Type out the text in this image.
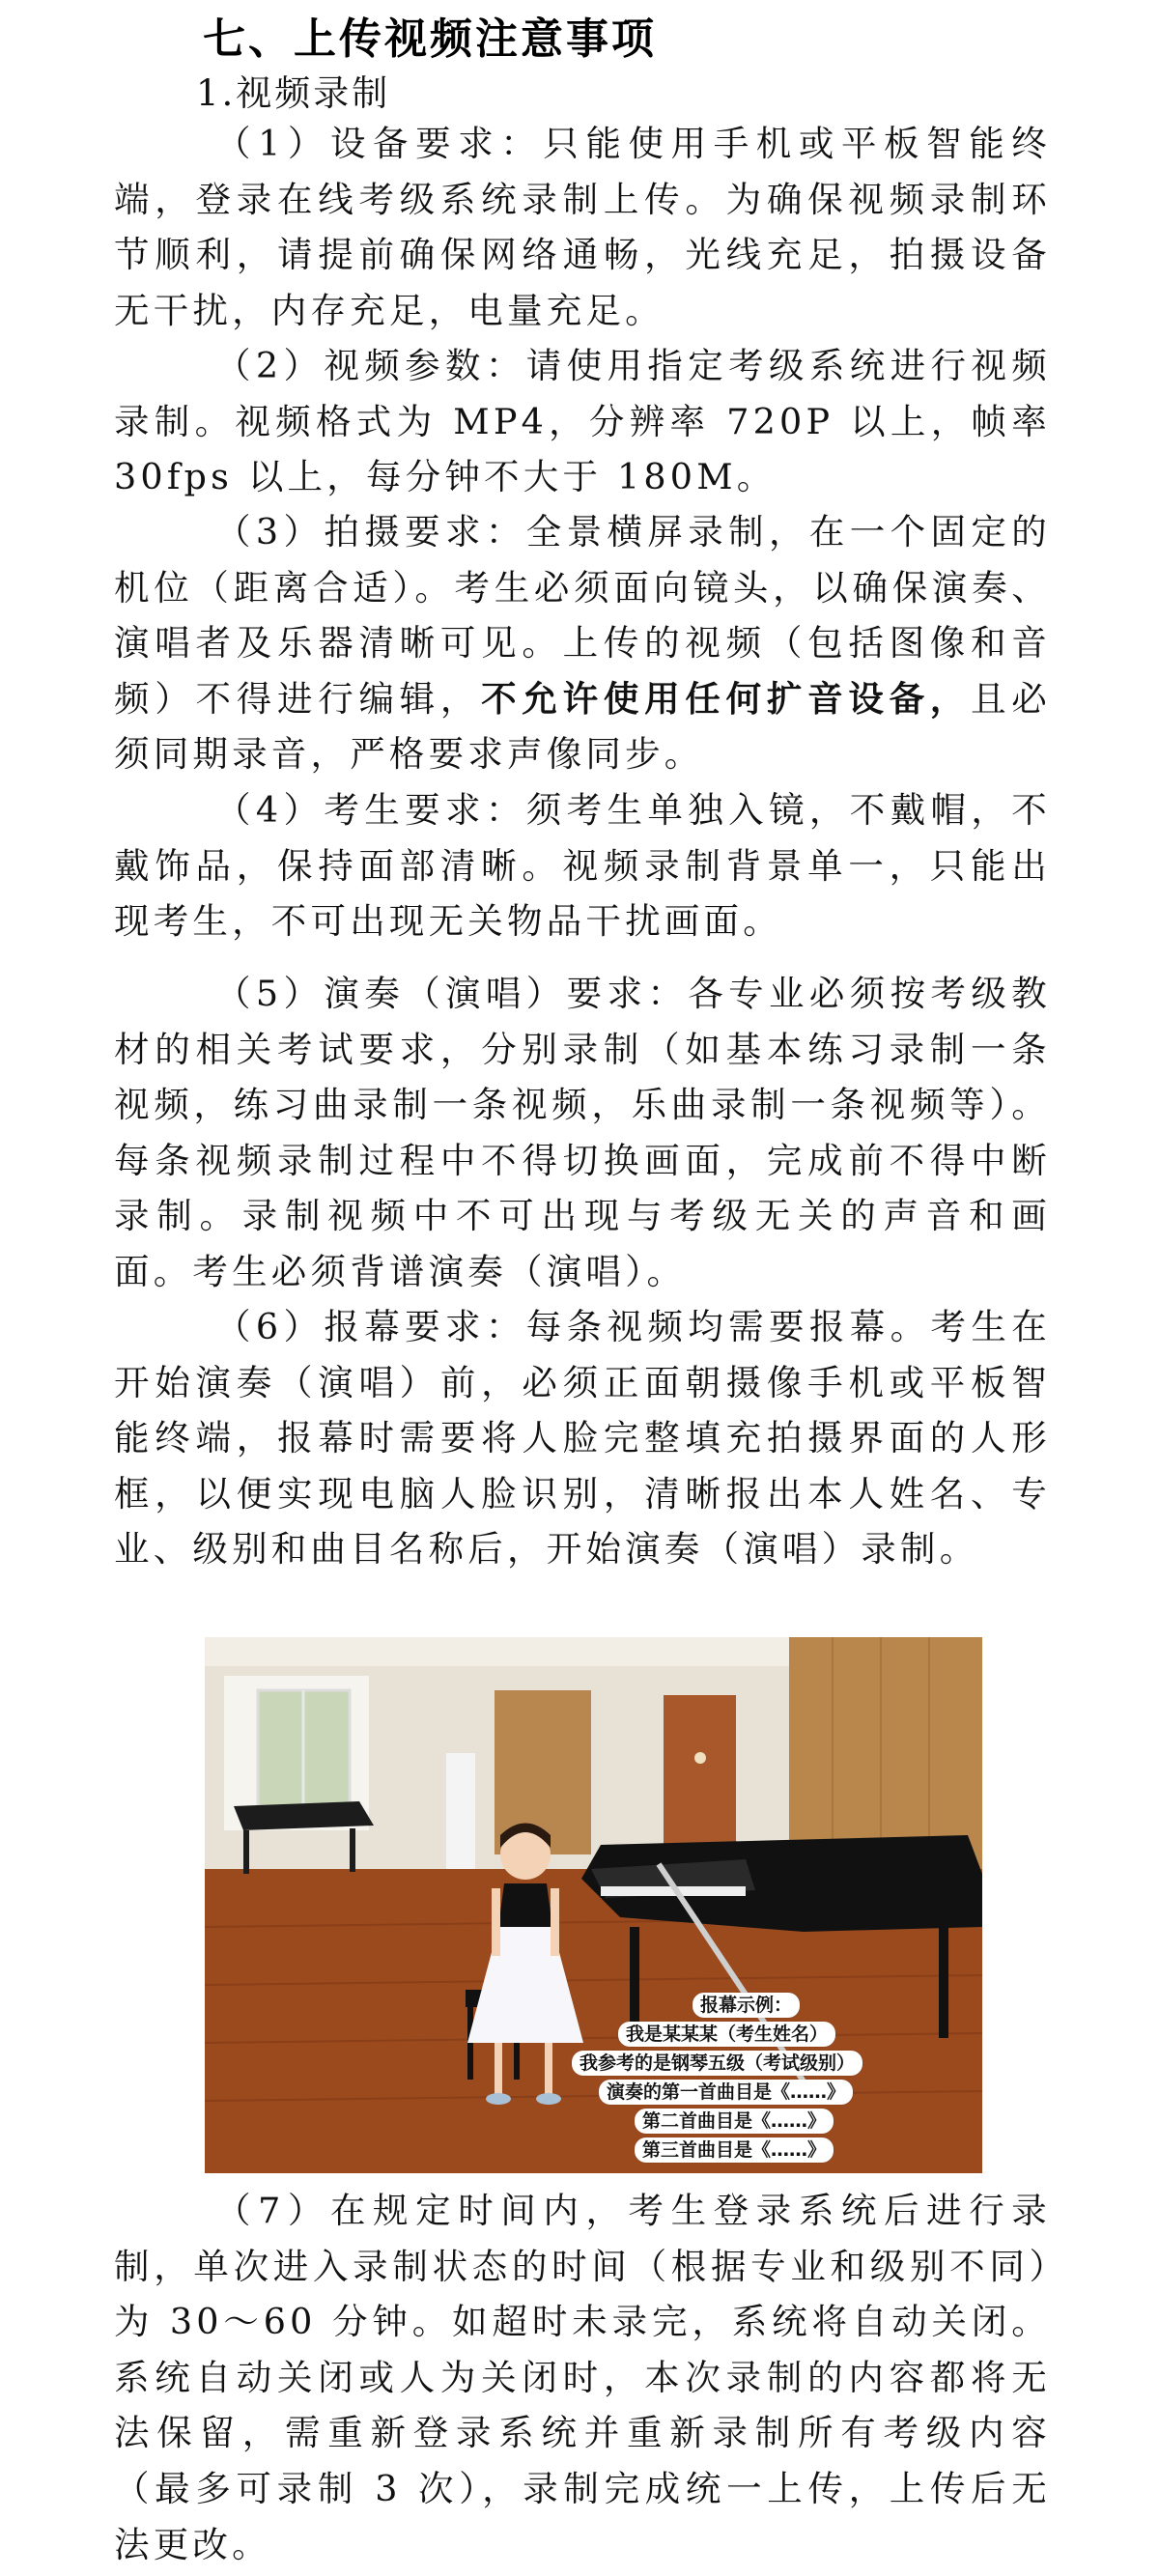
七、上传视频注意事项
1.视频录制

（1）设备要求：只能使用手机或平板智能终端，登录在线考级系统录制上传。为确保视频录制环节顺利，请提前确保网络通畅，光线充足，拍摄设备无干扰，内存充足，电量充足。

（2）视频参数：请使用指定考级系统进行视频录制。视频格式为 MP4，分辨率 720P 以上，帧率 30fps 以上，每分钟不大于 180M。

（3）拍摄要求：全景横屏录制，在一个固定的机位（距离合适）。考生必须面向镜头，以确保演奏、演唱者及乐器清晰可见。上传的视频（包括图像和音频）不得进行编辑，不允许使用任何扩音设备，且必须同期录音，严格要求声像同步。

（4）考生要求：须考生单独入镜，不戴帽，不戴饰品，保持面部清晰。视频录制背景单一，只能出现考生，不可出现无关物品干扰画面。

（5）演奏（演唱）要求：各专业必须按考级教材的相关考试要求，分别录制（如基本练习录制一条视频，练习曲录制一条视频，乐曲录制一条视频等）。每条视频录制过程中不得切换画面，完成前不得中断录制。录制视频中不可出现与考级无关的声音和画面。考生必须背谱演奏（演唱）。

（6）报幕要求：每条视频均需要报幕。考生在开始演奏（演唱）前，必须正面朝摄像手机或平板智能终端，报幕时需要将人脸完整填充拍摄界面的人形框，以便实现电脑人脸识别，清晰报出本人姓名、专业、级别和曲目名称后，开始演奏（演唱）录制。

报幕示例：
我是某某某（考生姓名）
我参考的是钢琴五级（考试级别）
演奏的第一首曲目是《……》
第二首曲目是《……》
第三首曲目是《……》

（7）在规定时间内，考生登录系统后进行录制，单次进入录制状态的时间（根据专业和级别不同）为 30～60 分钟。如超时未录完，系统将自动关闭。系统自动关闭或人为关闭时，本次录制的内容都将无法保留，需重新登录系统并重新录制所有考级内容（最多可录制 3 次），录制完成统一上传，上传后无法更改。
